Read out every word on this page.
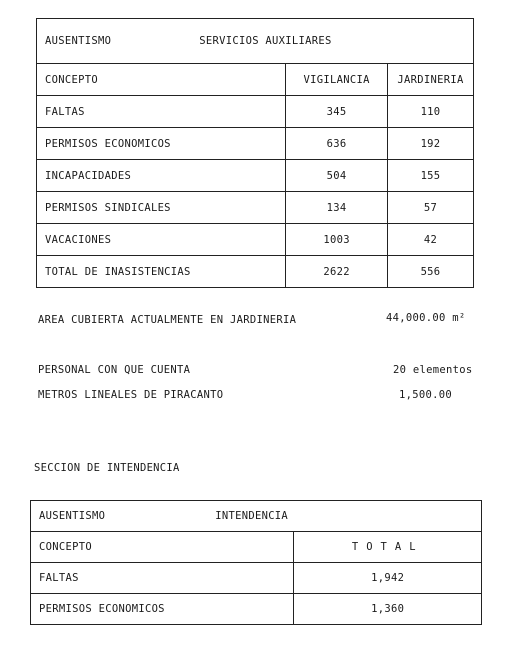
AUSENTISMO SERVICIOS AUXILIARES		
CONCEPTO	VIGILANCIA	JARDINERIA
FALTAS	345	110
PERMISOS ECONOMICOS	636	192
INCAPACIDADES	504	155
PERMISOS SINDICALES	134	57
VACACIONES	1003	42
TOTAL DE INASISTENCIAS	2622	556
AREA CUBIERTA ACTUALMENTE EN JARDINERIA	44,000.00 m²
PERSONAL CON QUE CUENTA	20 elementos
METROS LINEALES DE PIRACANTO	1,500.00
SECCION DE INTENDENCIA
AUSENTISMO INTENDENCIA	
CONCEPTO	TOTAL
FALTAS	1,942
PERMISOS ECONOMICOS	1,360
